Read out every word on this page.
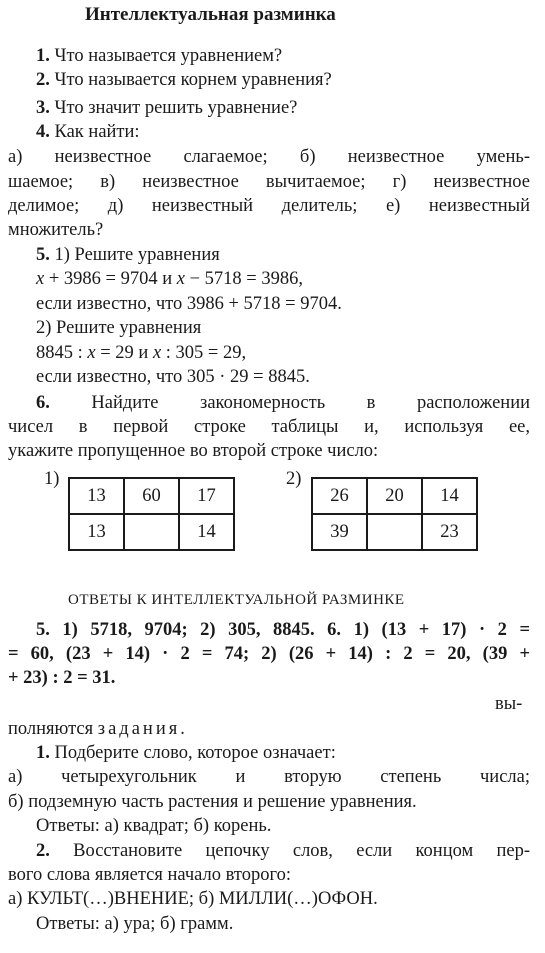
Интеллектуальная разминка
1. Что называется уравнением?
2. Что называется корнем уравнения?
3. Что значит решить уравнение?
4. Как найти:
а) неизвестное слагаемое; б) неизвестное умень-
шаемое; в) неизвестное вычитаемое; г) неизвестное
делимое; д) неизвестный делитель; е) неизвестный
множитель?
5. 1) Решите уравнения
x + 3986 = 9704 и x − 5718 = 3986,
если известно, что 3986 + 5718 = 9704.
2) Решите уравнения
8845 : x = 29 и x : 305 = 29,
если известно, что 305 · 29 = 8845.
6. Найдите закономерность в расположении
чисел в первой строке таблицы и, используя ее,
укажите пропущенное во второй строке число:
1)
13	60	17
13		14
2)
26	20	14
39		23
ОТВЕТЫ К ИНТЕЛЛЕКТУАЛЬНОЙ РАЗМИНКЕ
5. 1) 5718, 9704; 2) 305, 8845. 6. 1) (13 + 17) · 2 =
= 60, (23 + 14) · 2 = 74; 2) (26 + 14) : 2 = 20, (39 +
+ 23) : 2 = 31.
вы-
полняются задания.
1. Подберите слово, которое означает:
а) четырехугольник и вторую степень числа;
б) подземную часть растения и решение уравнения.
Ответы: а) квадрат; б) корень.
2. Восстановите цепочку слов, если концом пер-
вого слова является начало второго:
а) КУЛЬТ(…)ВНЕНИЕ; б) МИЛЛИ(…)ОФОН.
Ответы: а) ура; б) грамм.
